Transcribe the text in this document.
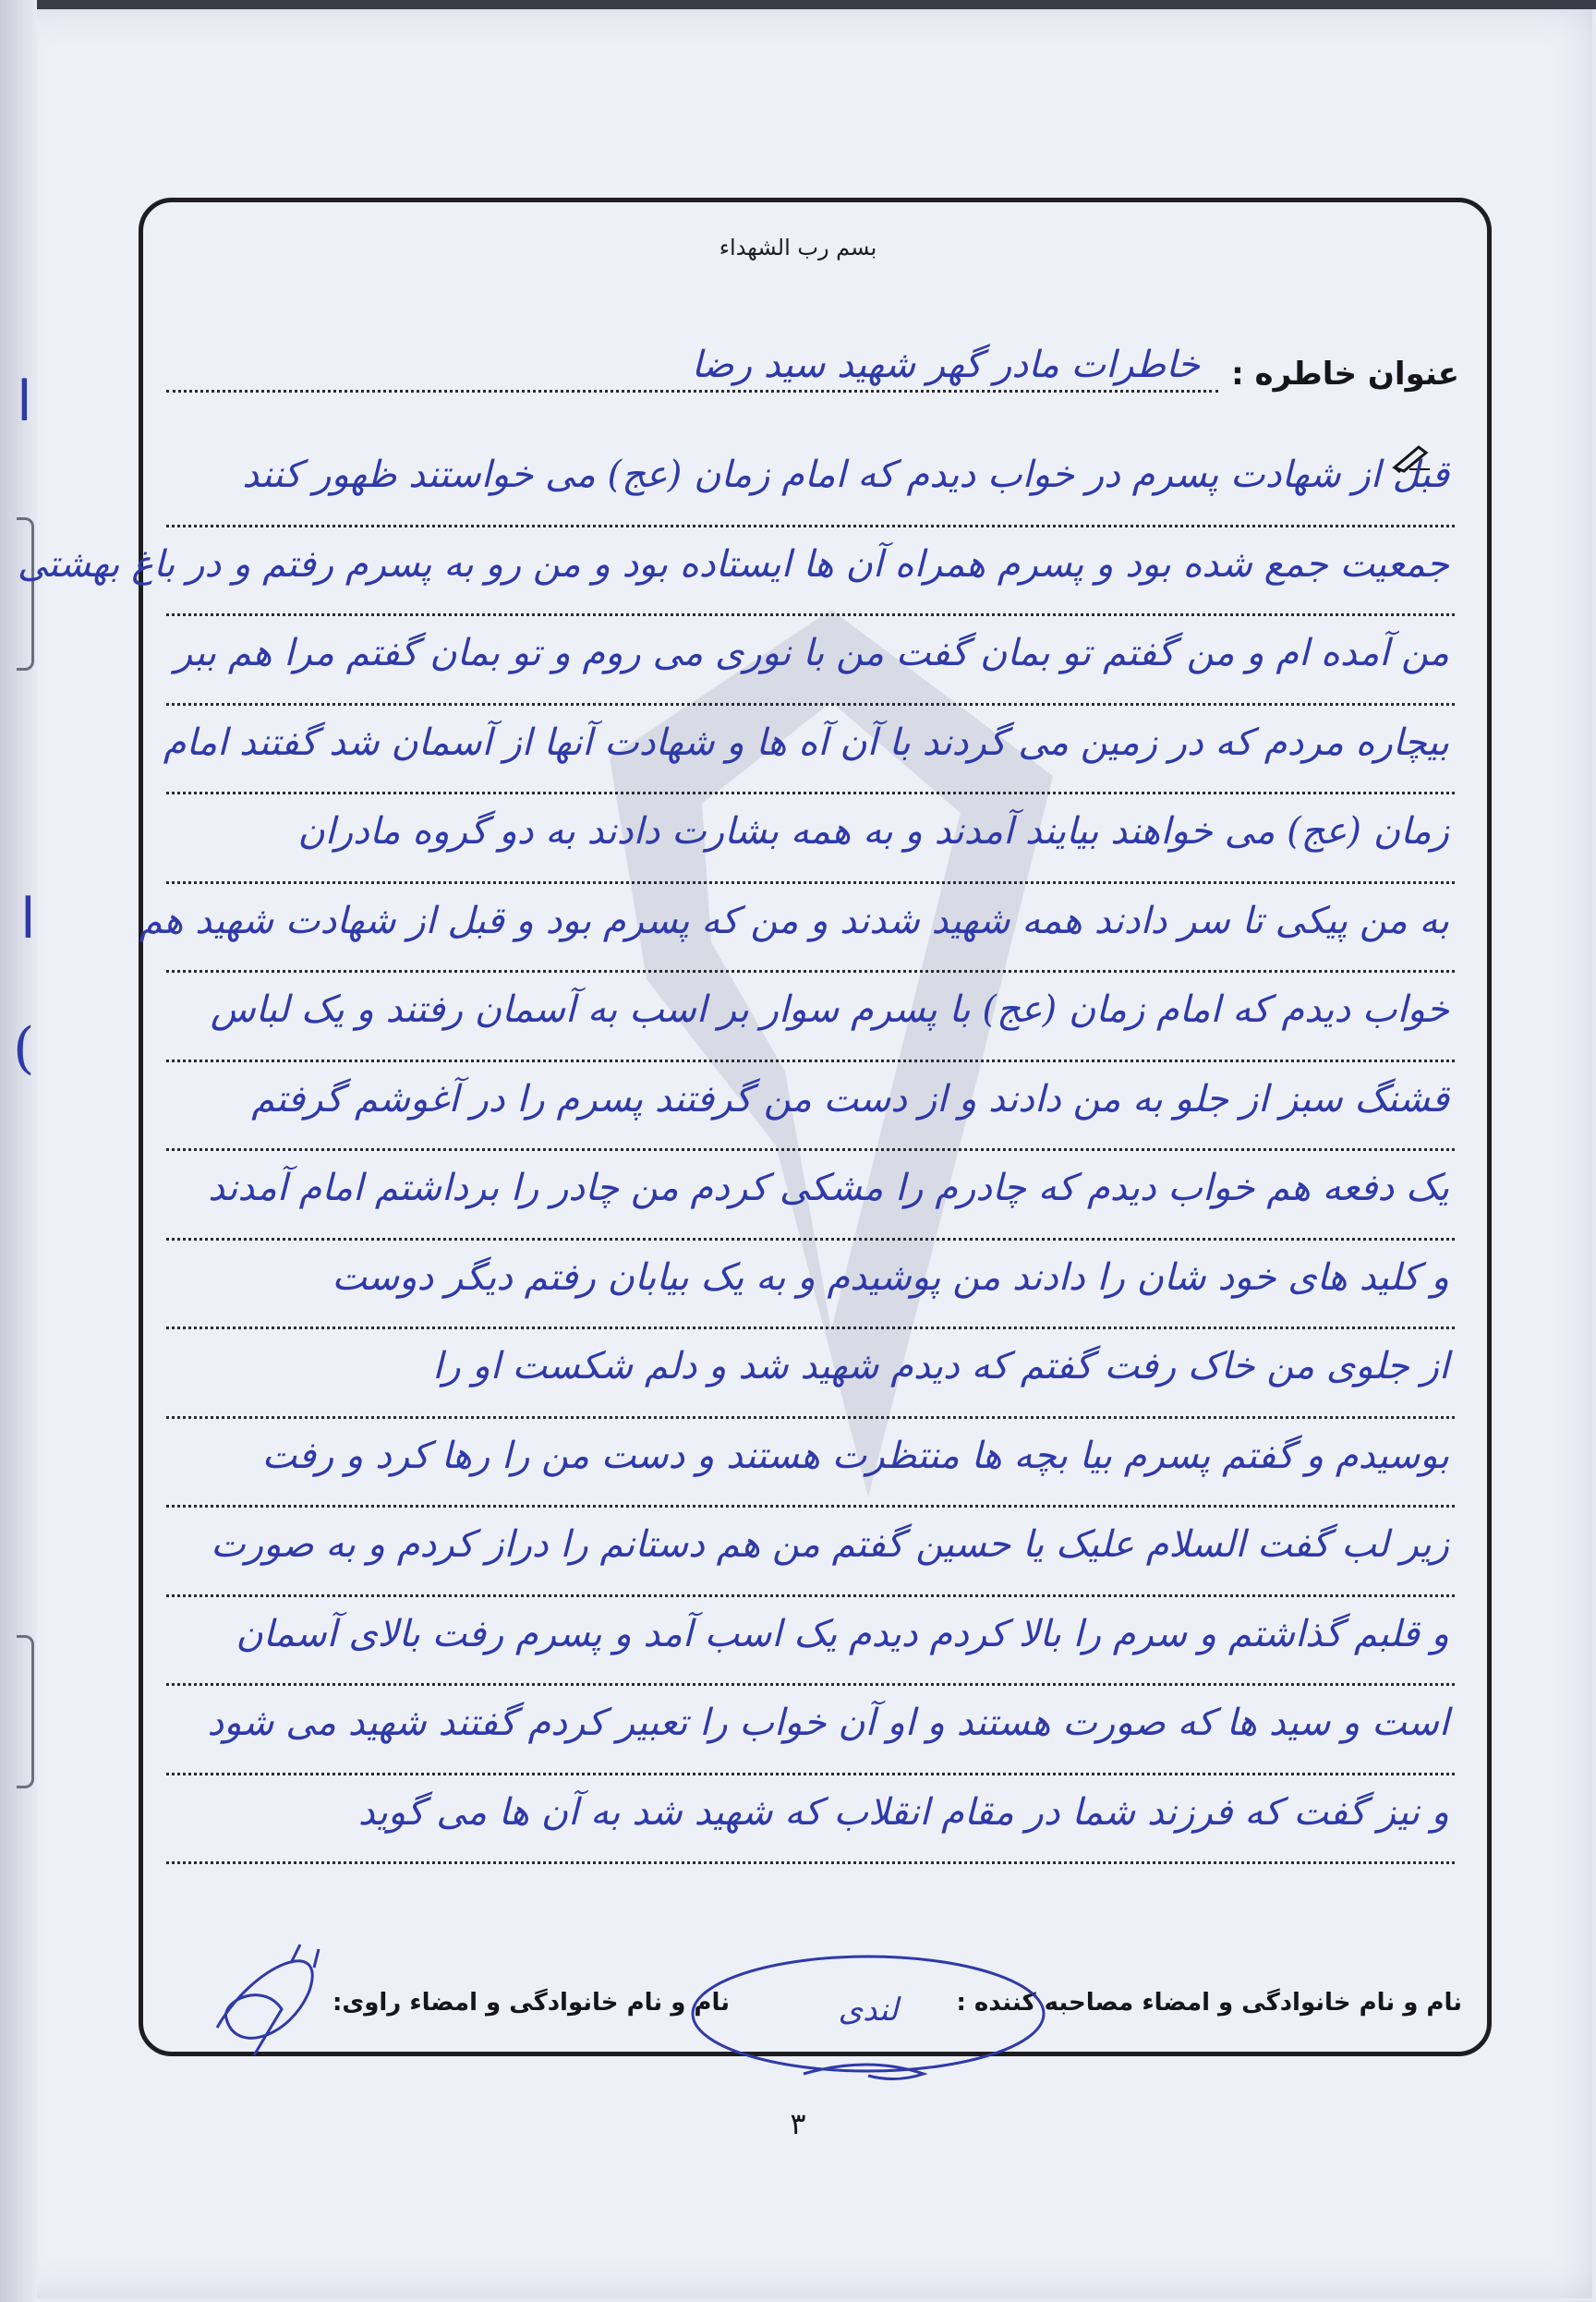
ا
ا
(
بسم رب الشهداء
عنوان خاطره :
خاطرات مادر گهر شهید سید رضا
قبل از شهادت پسرم در خواب دیدم که امام زمان (عج) می خواستند ظهور کنند
جمعیت جمع شده بود و پسرم همراه آن ها ایستاده بود و من رو به پسرم رفتم و در باغ بهشتی
من آمده ام و من گفتم تو بمان گفت من با نوری می روم و تو بمان گفتم مرا هم ببر
بیچاره مردم که در زمین می گردند با آن آه ها و شهادت آنها از آسمان شد گفتند امام
زمان (عج) می خواهند بیایند آمدند و به همه بشارت دادند به دو گروه مادران
به من پیکی تا سر دادند همه شهید شدند و من که پسرم بود و قبل از شهادت شهید هم
خواب دیدم که امام زمان (عج) با پسرم سوار بر اسب به آسمان رفتند و یک لباس
قشنگ سبز از جلو به من دادند و از دست من گرفتند پسرم را در آغوشم گرفتم
یک دفعه هم خواب دیدم که چادرم را مشکی کردم من چادر را برداشتم امام آمدند
و کلید های خود شان را دادند من پوشیدم و به یک بیابان رفتم دیگر دوست
از جلوی من خاک رفت گفتم که دیدم شهید شد و دلم شکست او را
بوسیدم و گفتم پسرم بیا بچه ها منتظرت هستند و دست من را رها کرد و رفت
زیر لب گفت السلام علیک یا حسین گفتم من هم دستانم را دراز کردم و به صورت
و قلبم گذاشتم و سرم را بالا کردم دیدم یک اسب آمد و پسرم رفت بالای آسمان
است و سید ها که صورت هستند و او آن خواب را تعبیر کردم گفتند شهید می شود
و نیز گفت که فرزند شما در مقام انقلاب که شهید شد به آن ها می گوید
نام و نام خانوادگی و امضاء مصاحبه کننده :
نام و نام خانوادگی و امضاء راوی:	لندی
۳
